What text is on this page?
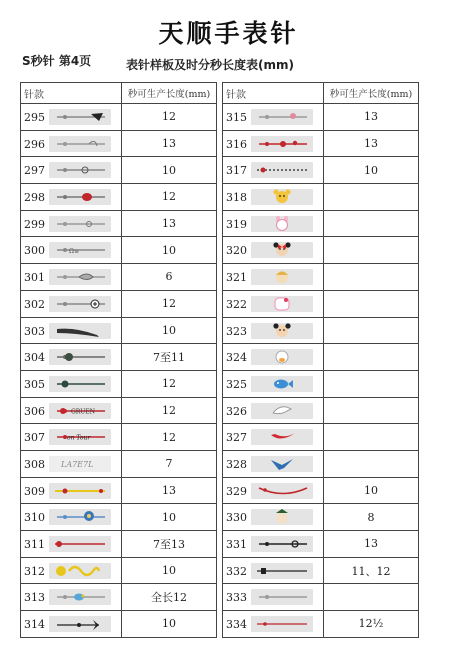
天顺手表针
S秒针 第4页	表针样板及时分秒长度表(mm)
针款	秒可生产长度(mm)

295	12

296	13

297	10

298	12

299	13

300 Ω≡	10

301	6

302	12

303	10

304	7至11

305	12

306 GRUEN	12

307 on Tour	12

308 LA7E7L	7

309	13

310	10

311	7至13

312	10

313	全长12

314	10
针款	秒可生产长度(mm)

315	13

316	13

317	10

318	

319	

320	

321	

322	

323	

324	

325	

326	

327	

328	

329	10

330	8

331	13

332	11、12

333	

334	12½
